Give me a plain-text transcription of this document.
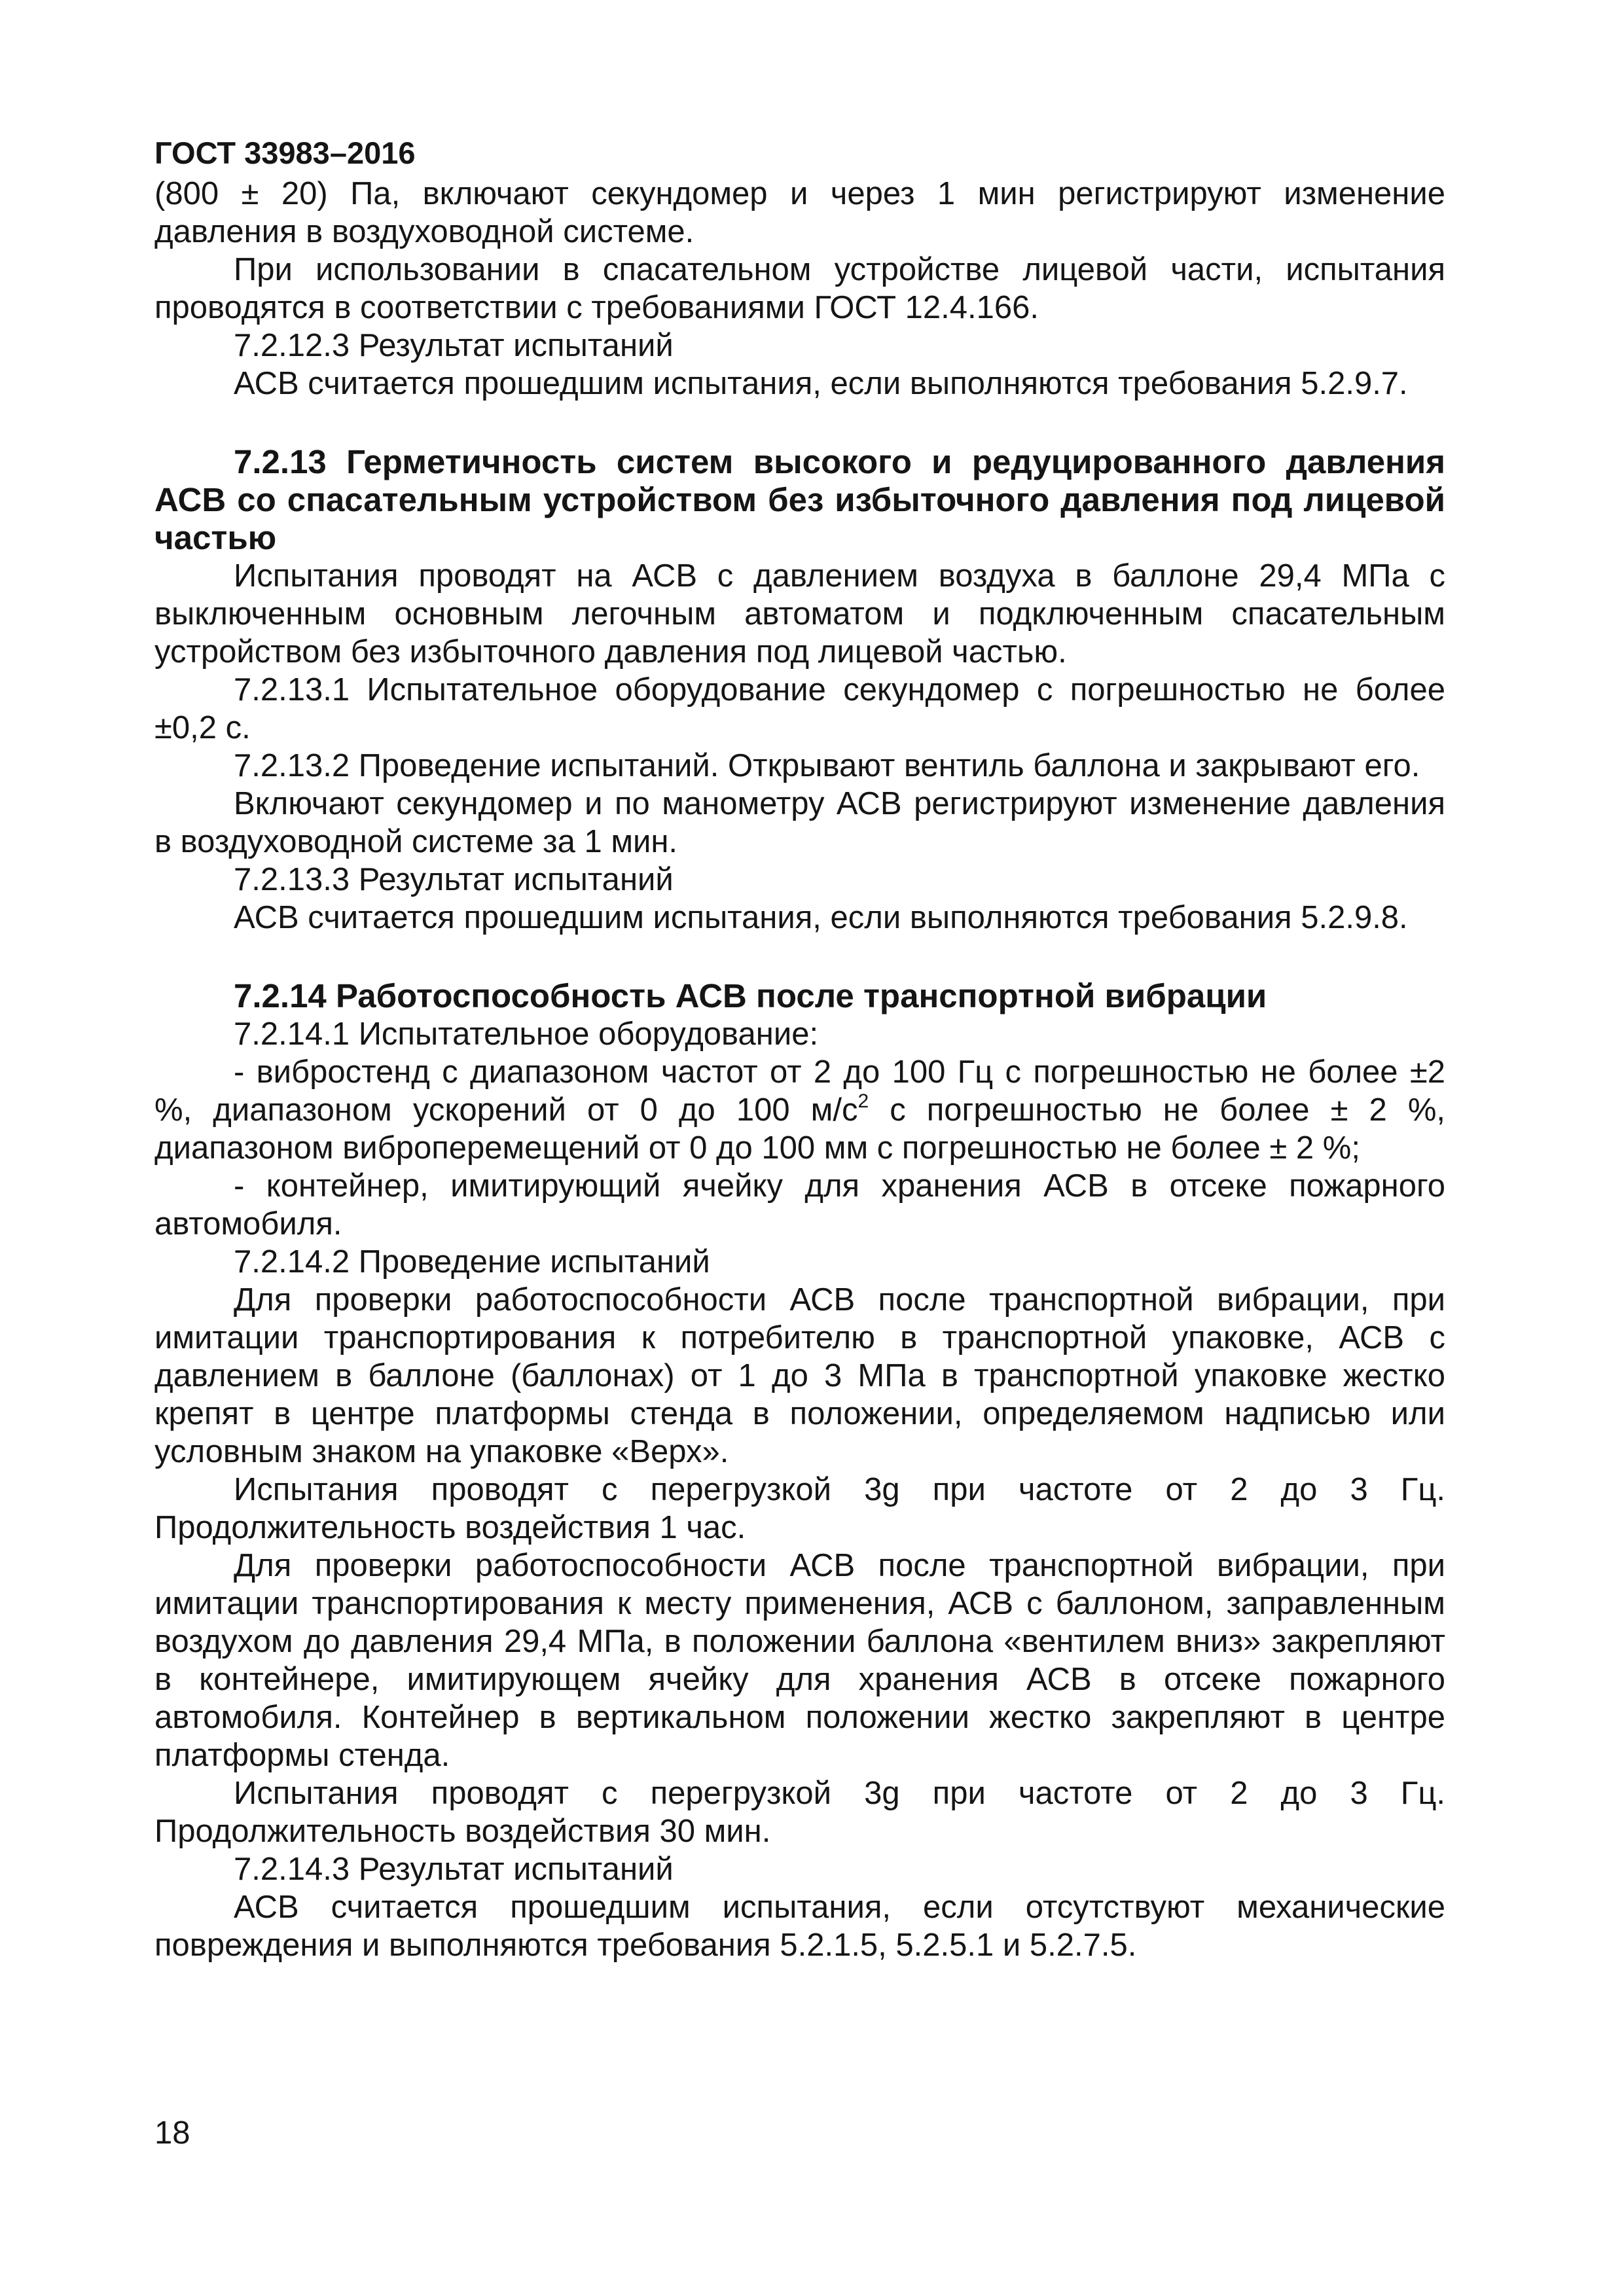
ГОСТ 33983–2016

(800 ± 20) Па, включают секундомер и через 1 мин регистрируют изменение давления в воздуховодной системе.

При использовании в спасательном устройстве лицевой части, испытания проводятся в соответствии с требованиями ГОСТ 12.4.166.

7.2.12.3 Результат испытаний

АСВ считается прошедшим испытания, если выполняются требования 5.2.9.7.

7.2.13 Герметичность систем высокого и редуцированного давления АСВ со спасательным устройством без избыточного давления под лицевой частью

Испытания проводят на АСВ с давлением воздуха в баллоне 29,4 МПа с выключенным основным легочным автоматом и подключенным спасательным устройством без избыточного давления под лицевой частью.

7.2.13.1 Испытательное оборудование секундомер с погрешностью не более ±0,2 с.

7.2.13.2 Проведение испытаний. Открывают вентиль баллона и закрывают его.

Включают секундомер и по манометру АСВ регистрируют изменение давления в воздуховодной системе за 1 мин.

7.2.13.3 Результат испытаний

АСВ считается прошедшим испытания, если выполняются требования 5.2.9.8.

7.2.14 Работоспособность АСВ после транспортной вибрации

7.2.14.1 Испытательное оборудование:

- вибростенд с диапазоном частот от 2 до 100 Гц с погрешностью не более ±2 %, диапазоном ускорений от 0 до 100 $м/с^2$ с погрешностью не более ± 2 %, диапазоном виброперемещений от 0 до 100 мм с погрешностью не более ± 2 %;

- контейнер, имитирующий ячейку для хранения АСВ в отсеке пожарного автомобиля.

7.2.14.2 Проведение испытаний

Для проверки работоспособности АСВ после транспортной вибрации, при имитации транспортирования к потребителю в транспортной упаковке, АСВ с давлением в баллоне (баллонах) от 1 до 3 МПа в транспортной упаковке жестко крепят в центре платформы стенда в положении, определяемом надписью или условным знаком на упаковке «Верх».

Испытания проводят с перегрузкой 3g при частоте от 2 до 3 Гц. Продолжительность воздействия 1 час.

Для проверки работоспособности АСВ после транспортной вибрации, при имитации транспортирования к месту применения, АСВ с баллоном, заправленным воздухом до давления 29,4 МПа, в положении баллона «вентилем вниз» закрепляют в контейнере, имитирующем ячейку для хранения АСВ в отсеке пожарного автомобиля. Контейнер в вертикальном положении жестко закрепляют в центре платформы стенда.

Испытания проводят с перегрузкой 3g при частоте от 2 до 3 Гц. Продолжительность воздействия 30 мин.

7.2.14.3 Результат испытаний

АСВ считается прошедшим испытания, если отсутствуют механические повреждения и выполняются требования 5.2.1.5, 5.2.5.1 и 5.2.7.5.

18
